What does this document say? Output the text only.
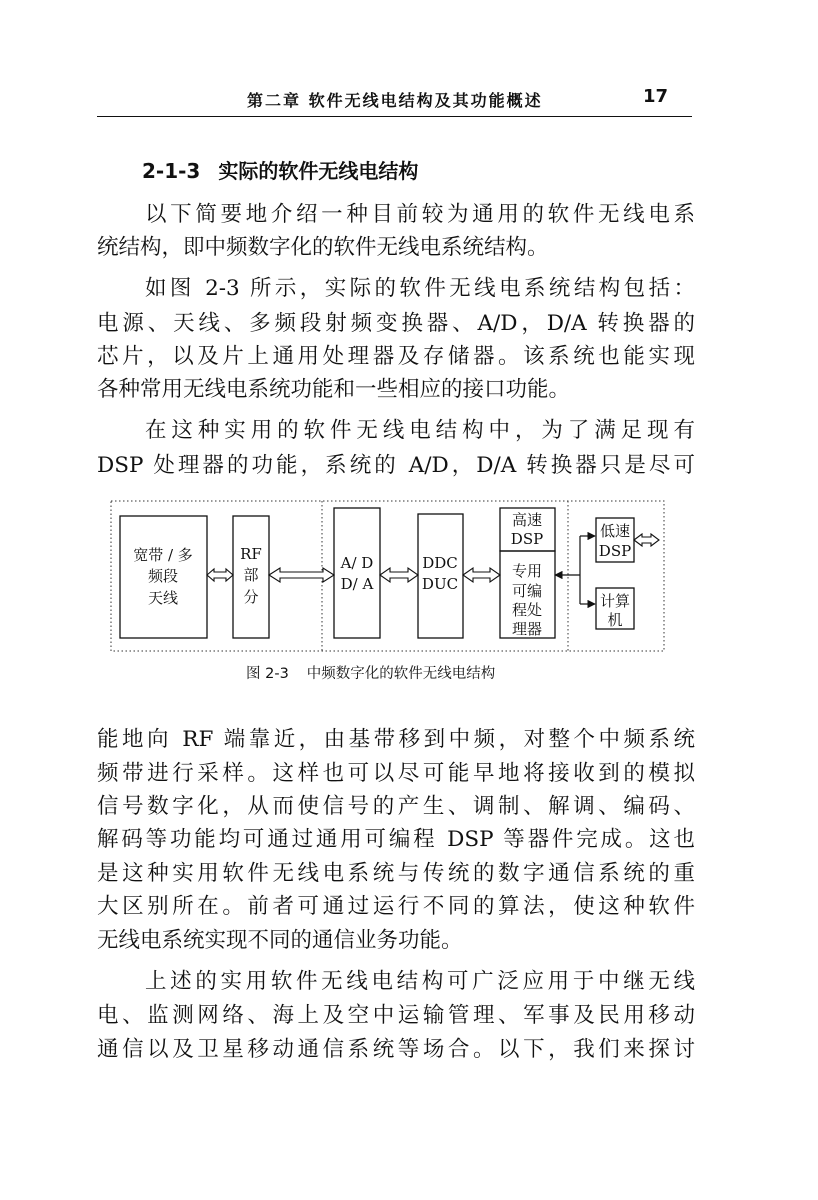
第二章 软件无线电结构及其功能概述	17
2-1-3 实际的软件无线电结构
以下简要地介绍一种目前较为通用的软件无线电系
统结构，即中频数字化的软件无线电系统结构。
如图 2-3 所示，实际的软件无线电系统结构包括：
电源、天线、多频段射频变换器、A/D，D/A 转换器的
芯片，以及片上通用处理器及存储器。该系统也能实现
各种常用无线电系统功能和一些相应的接口功能。
在这种实用的软件无线电结构中，为了满足现有
DSP 处理器的功能，系统的 A/D，D/A 转换器只是尽可
宽带 / 多
频段
天线
RF
部
分
A/ D
D/ A
DDC
DUC
高速
DSP
专用
可编
程处
理器
低速
DSP
计算
机
图 2-3 中频数字化的软件无线电结构
能地向 RF 端靠近，由基带移到中频，对整个中频系统
频带进行采样。这样也可以尽可能早地将接收到的模拟
信号数字化，从而使信号的产生、调制、解调、编码、
解码等功能均可通过通用可编程 DSP 等器件完成。这也
是这种实用软件无线电系统与传统的数字通信系统的重
大区别所在。前者可通过运行不同的算法，使这种软件
无线电系统实现不同的通信业务功能。
上述的实用软件无线电结构可广泛应用于中继无线
电、监测网络、海上及空中运输管理、军事及民用移动
通信以及卫星移动通信系统等场合。以下，我们来探讨
